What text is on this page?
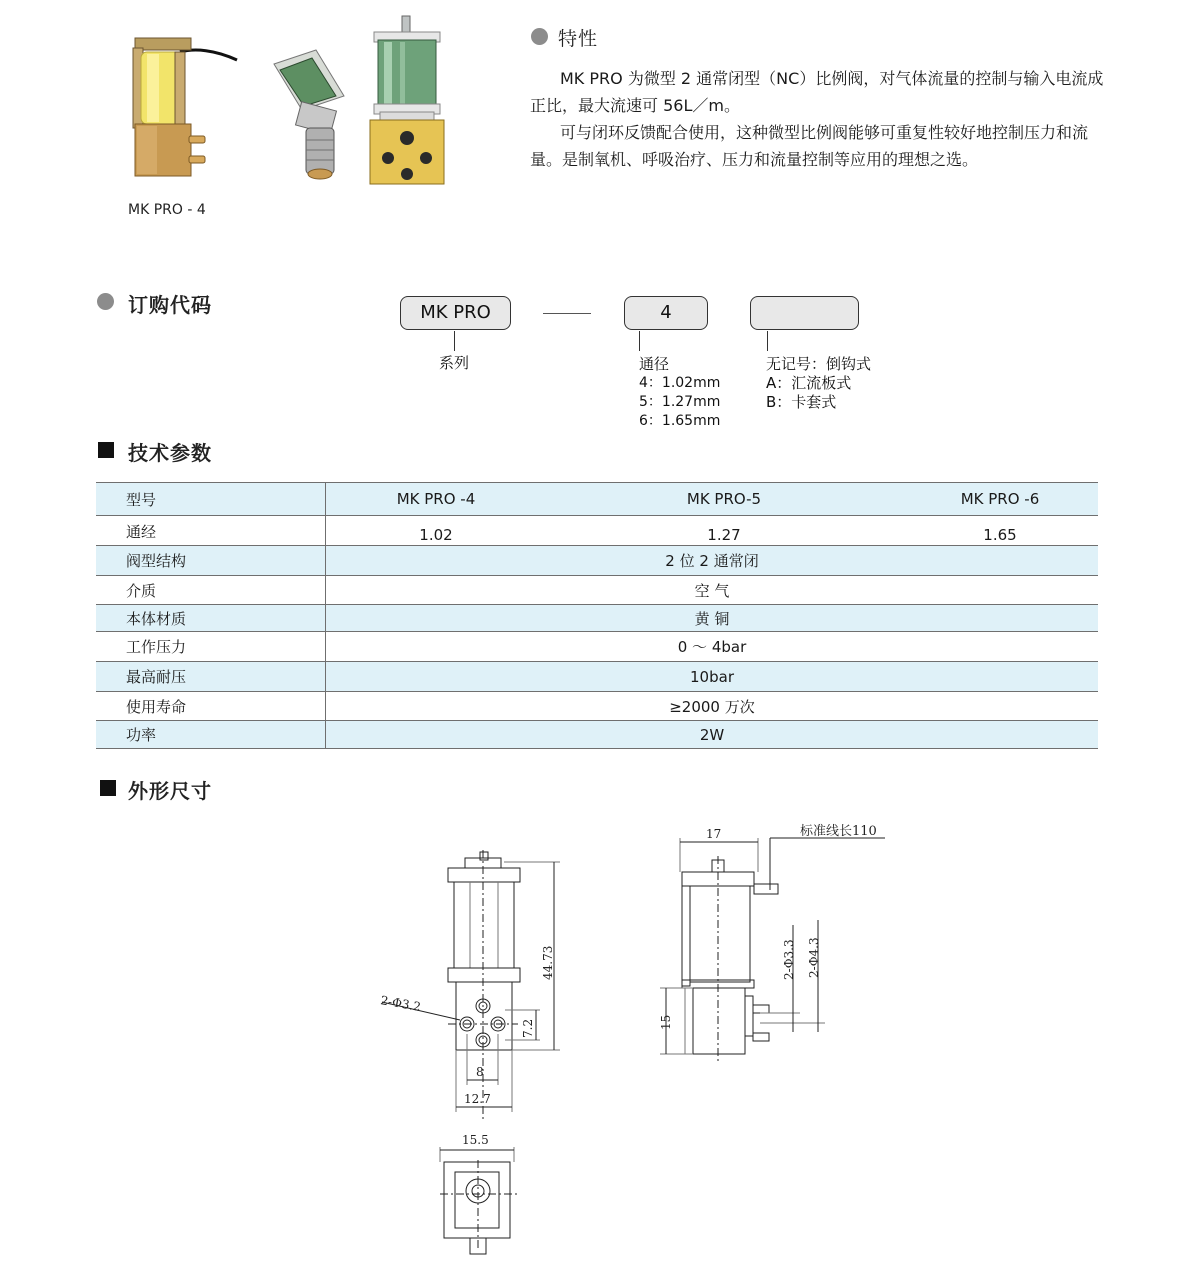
MK PRO - 4
特性
MK PRO 为微型 2 通常闭型（NC）比例阀，对气体流量的控制与输入电流成正比，最大流速可 56L／m。
可与闭环反馈配合使用，这种微型比例阀能够可重复性较好地控制压力和流量。是制氧机、呼吸治疗、压力和流量控制等应用的理想之选。
订购代码	MK PRO	4
系列	通径
4：1.02mm
5：1.27mm
6：1.65mm
无记号：倒钩式
A：汇流板式
B：卡套式
技术参数
型号	MK PRO -4	MK PRO-5	MK PRO -6
通经	1.02	1.27	1.65
阀型结构	2 位 2 通常闭		
介质	空 气		
本体材质	黄 铜		
工作压力	0 ～ 4bar		
最高耐压	10bar		
使用寿命	≥2000 万次		
功率	2W		
外形尺寸
44.73
7.2
2-Φ3.2
8
12.7
15.5
17	标准线长110
2-Φ3.3 2-Φ4.3
15
